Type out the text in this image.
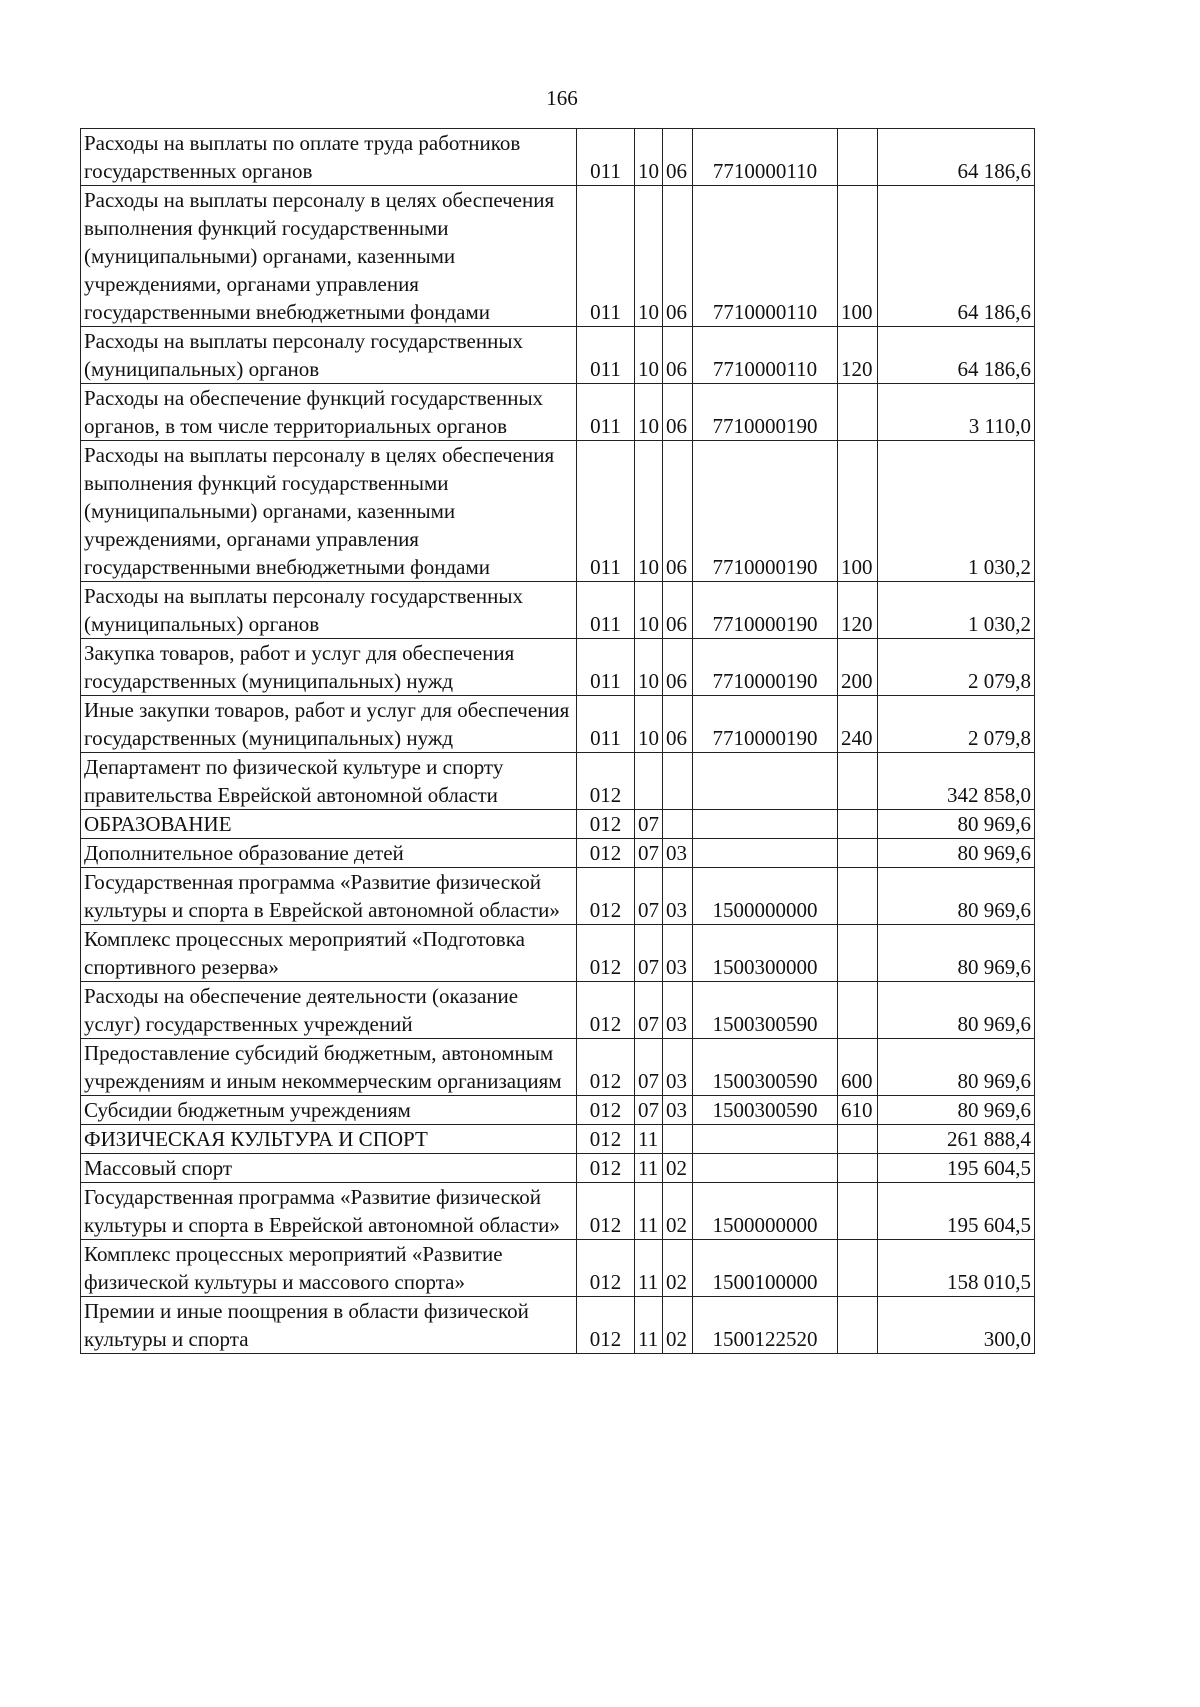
166
Расходы на выплаты по оплате труда работников государственных органов	011	10	06	7710000110		64 186,6
Расходы на выплаты персоналу в целях обеспечения выполнения функций государственными (муниципальными) органами, казенными учреждениями, органами управления государственными внебюджетными фондами	011	10	06	7710000110	100	64 186,6
Расходы на выплаты персоналу государственных (муниципальных) органов	011	10	06	7710000110	120	64 186,6
Расходы на обеспечение функций государственных органов, в том числе территориальных органов	011	10	06	7710000190		3 110,0
Расходы на выплаты персоналу в целях обеспечения выполнения функций государственными (муниципальными) органами, казенными учреждениями, органами управления государственными внебюджетными фондами	011	10	06	7710000190	100	1 030,2
Расходы на выплаты персоналу государственных (муниципальных) органов	011	10	06	7710000190	120	1 030,2
Закупка товаров, работ и услуг для обеспечения государственных (муниципальных) нужд	011	10	06	7710000190	200	2 079,8
Иные закупки товаров, работ и услуг для обеспечения государственных (муниципальных) нужд	011	10	06	7710000190	240	2 079,8
Департамент по физической культуре и спорту правительства Еврейской автономной области	012					342 858,0
ОБРАЗОВАНИЕ	012	07				80 969,6
Дополнительное образование детей	012	07	03			80 969,6
Государственная программа «Развитие физической культуры и спорта в Еврейской автономной области»	012	07	03	1500000000		80 969,6
Комплекс процессных мероприятий «Подготовка спортивного резерва»	012	07	03	1500300000		80 969,6
Расходы на обеспечение деятельности (оказание услуг) государственных учреждений	012	07	03	1500300590		80 969,6
Предоставление субсидий бюджетным, автономным учреждениям и иным некоммерческим организациям	012	07	03	1500300590	600	80 969,6
Субсидии бюджетным учреждениям	012	07	03	1500300590	610	80 969,6
ФИЗИЧЕСКАЯ КУЛЬТУРА И СПОРТ	012	11				261 888,4
Массовый спорт	012	11	02			195 604,5
Государственная программа «Развитие физической культуры и спорта в Еврейской автономной области»	012	11	02	1500000000		195 604,5
Комплекс процессных мероприятий «Развитие физической культуры и массового спорта»	012	11	02	1500100000		158 010,5
Премии и иные поощрения в области физической культуры и спорта	012	11	02	1500122520		300,0
